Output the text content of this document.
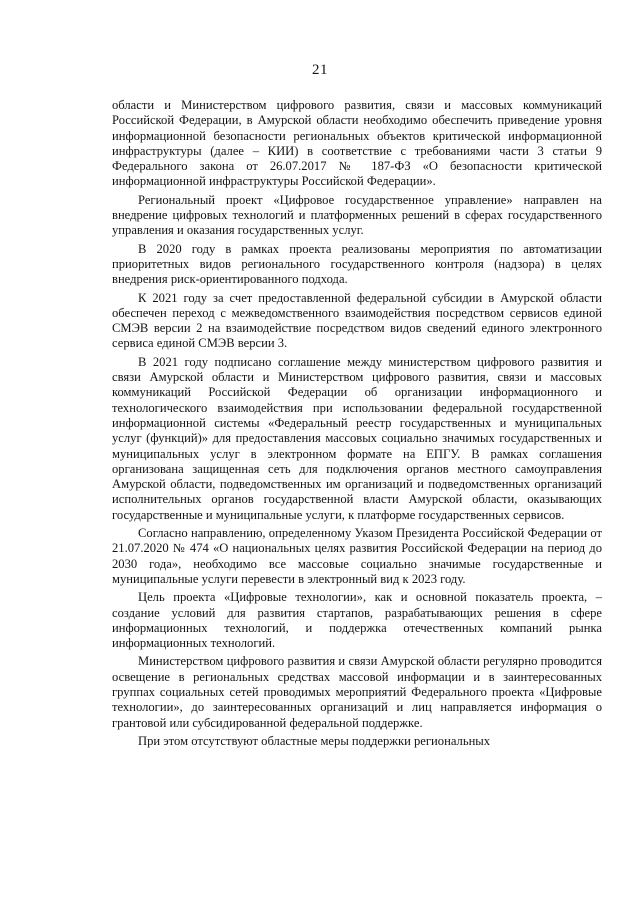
21

области и Министерством цифрового развития, связи и массовых коммуникаций Российской Федерации, в Амурской области необходимо обеспечить приведение уровня информационной безопасности региональных объектов критической информационной инфраструктуры (далее – КИИ) в соответствие с требованиями части 3 статьи 9 Федерального закона от 26.07.2017 № 187-ФЗ «О безопасности критической информационной инфраструктуры Российской Федерации».

Региональный проект «Цифровое государственное управление» направлен на внедрение цифровых технологий и платформенных решений в сферах государственного управления и оказания государственных услуг.

В 2020 году в рамках проекта реализованы мероприятия по автоматизации приоритетных видов регионального государственного контроля (надзора) в целях внедрения риск-ориентированного подхода.

К 2021 году за счет предоставленной федеральной субсидии в Амурской области обеспечен переход с межведомственного взаимодействия посредством сервисов единой СМЭВ версии 2 на взаимодействие посредством видов сведений единого электронного сервиса единой СМЭВ версии 3.

В 2021 году подписано соглашение между министерством цифрового развития и связи Амурской области и Министерством цифрового развития, связи и массовых коммуникаций Российской Федерации об организации информационного и технологического взаимодействия при использовании федеральной государственной информационной системы «Федеральный реестр государственных и муниципальных услуг (функций)» для предоставления массовых социально значимых государственных и муниципальных услуг в электронном формате на ЕПГУ. В рамках соглашения организована защищенная сеть для подключения органов местного самоуправления Амурской области, подведомственных им организаций и подведомственных организаций исполнительных органов государственной власти Амурской области, оказывающих государственные и муниципальные услуги, к платформе государственных сервисов.

Согласно направлению, определенному Указом Президента Российской Федерации от 21.07.2020 № 474 «О национальных целях развития Российской Федерации на период до 2030 года», необходимо все массовые социально значимые государственные и муниципальные услуги перевести в электронный вид к 2023 году.

Цель проекта «Цифровые технологии», как и основной показатель проекта, – создание условий для развития стартапов, разрабатывающих решения в сфере информационных технологий, и поддержка отечественных компаний рынка информационных технологий.

Министерством цифрового развития и связи Амурской области регулярно проводится освещение в региональных средствах массовой информации и в заинтересованных группах социальных сетей проводимых мероприятий Федерального проекта «Цифровые технологии», до заинтересованных организаций и лиц направляется информация о грантовой или субсидированной федеральной поддержке.

При этом отсутствуют областные меры поддержки региональных
